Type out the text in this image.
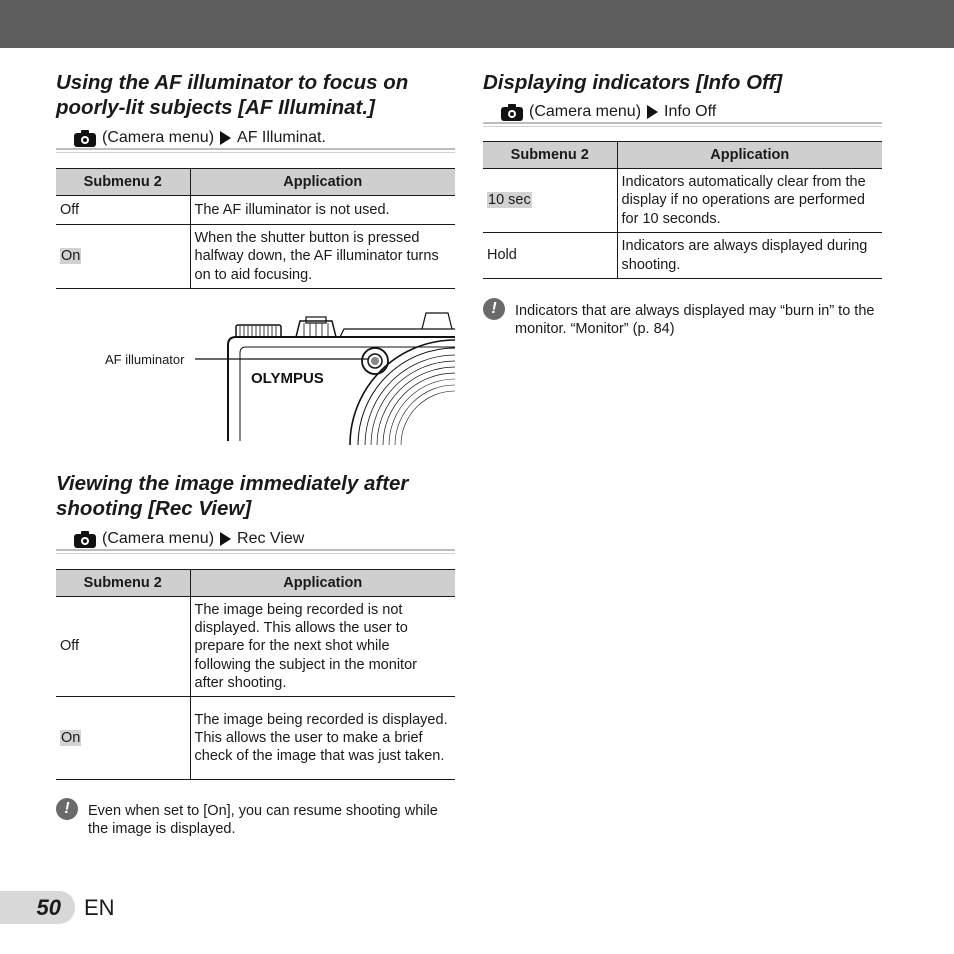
Using the AF illuminator to focus on poorly-lit subjects [AF Illuminat.]
(Camera menu) AF Illuminat.
Submenu 2	Application
Off	The AF illuminator is not used.
On	When the shutter button is pressed halfway down, the AF illuminator turns on to aid focusing.
Viewing the image immediately after shooting [Rec View]
(Camera menu) Rec View
Submenu 2	Application
Off	The image being recorded is not displayed. This allows the user to prepare for the next shot while following the subject in the monitor after shooting.
On	The image being recorded is displayed. This allows the user to make a brief check of the image that was just taken.
!	Even when set to [On], you can resume shooting while the image is displayed.
AF illuminator
OLYMPUS
Displaying indicators [Info Off]
(Camera menu) Info Off
Submenu 2	Application
10 sec	Indicators automatically clear from the display if no operations are performed for 10 seconds.
Hold	Indicators are always displayed during shooting.
!	Indicators that are always displayed may “burn in” to the monitor. “Monitor” (p. 84)
50 EN
